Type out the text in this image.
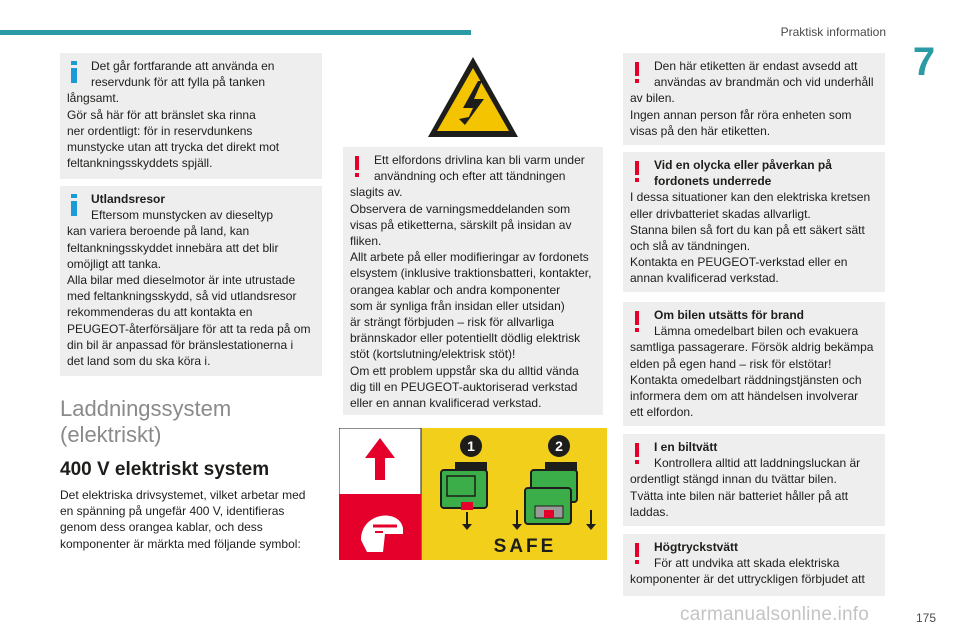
Praktisk information
7
Det går fortfarande att använda en
reservdunk för att fylla på tanken
långsamt.
Gör så här för att bränslet ska rinna
ner ordentligt: för in reservdunkens
munstycke utan att trycka det direkt mot
feltankningsskyddets spjäll.
Utlandsresor
Eftersom munstycken av dieseltyp
kan variera beroende på land, kan
feltankningsskyddet innebära att det blir
omöjligt att tanka.
Alla bilar med dieselmotor är inte utrustade
med feltankningsskydd, så vid utlandsresor
rekommenderas du att kontakta en
PEUGEOT-återförsäljare för att ta reda på om
din bil är anpassad för bränslestationerna i
det land som du ska köra i.
Laddningssystem
(elektriskt)
400 V elektriskt system
Det elektriska drivsystemet, vilket arbetar med
en spänning på ungefär 400 V, identifieras
genom dess orangea kablar, och dess
komponenter är märkta med följande symbol:
Ett elfordons drivlina kan bli varm under
användning och efter att tändningen
slagits av.
Observera de varningsmeddelanden som
visas på etiketterna, särskilt på insidan av
fliken.
Allt arbete på eller modifieringar av fordonets
elsystem (inklusive traktionsbatteri, kontakter,
orangea kablar och andra komponenter
som är synliga från insidan eller utsidan)
är strängt förbjuden – risk för allvarliga
brännskador eller potentiellt dödlig elektrisk
stöt (kortslutning/elektrisk stöt)!
Om ett problem uppstår ska du alltid vända
dig till en PEUGEOT-auktoriserad verkstad
eller en annan kvalificerad verkstad.
1	2
SAFE
Den här etiketten är endast avsedd att
användas av brandmän och vid underhåll
av bilen.
Ingen annan person får röra enheten som
visas på den här etiketten.
Vid en olycka eller påverkan på
fordonets underrede
I dessa situationer kan den elektriska kretsen
eller drivbatteriet skadas allvarligt.
Stanna bilen så fort du kan på ett säkert sätt
och slå av tändningen.
Kontakta en PEUGEOT-verkstad eller en
annan kvalificerad verkstad.
Om bilen utsätts för brand
Lämna omedelbart bilen och evakuera
samtliga passagerare. Försök aldrig bekämpa
elden på egen hand – risk för elstötar!
Kontakta omedelbart räddningstjänsten och
informera dem om att händelsen involverar
ett elfordon.
I en biltvätt
Kontrollera alltid att laddningsluckan är
ordentligt stängd innan du tvättar bilen.
Tvätta inte bilen när batteriet håller på att
laddas.
Högtryckstvätt
För att undvika att skada elektriska
komponenter är det uttryckligen förbjudet att
carmanualsonline.info	175
